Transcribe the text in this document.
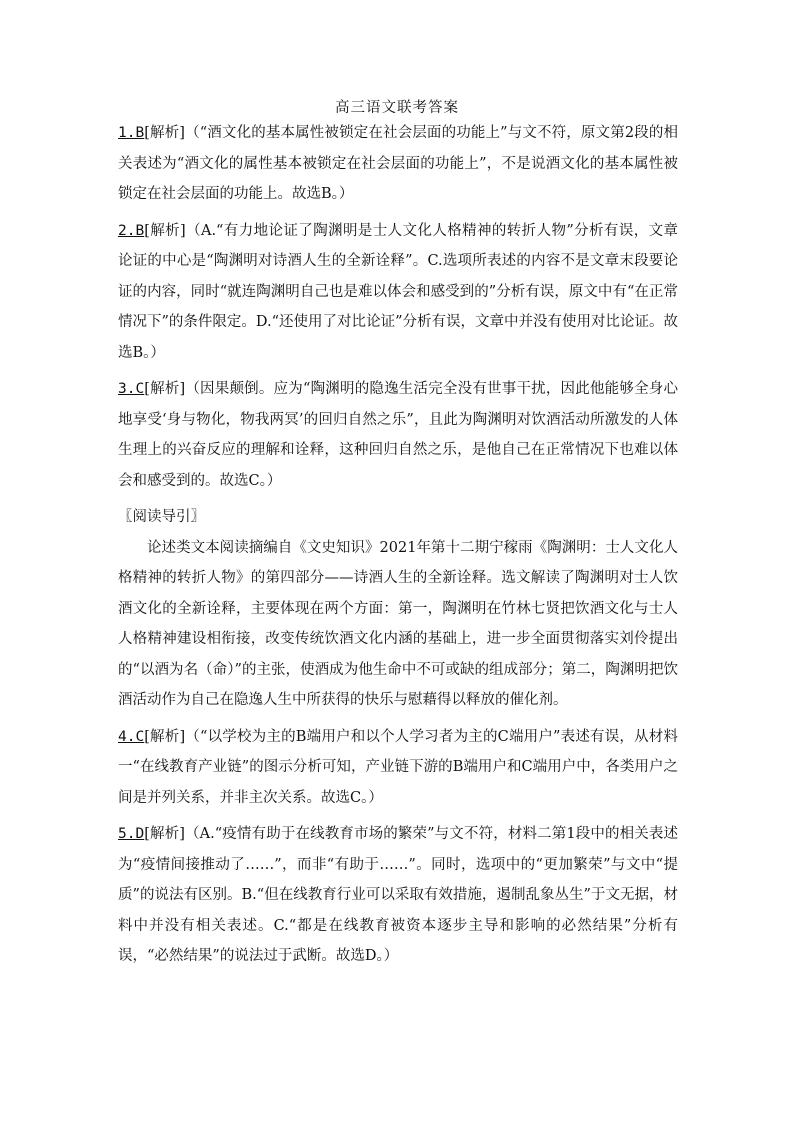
高三语文联考答案

1.B[解析]（“酒文化的基本属性被锁定在社会层面的功能上”与文不符，原文第2段的相关表述为“酒文化的属性基本被锁定在社会层面的功能上”，不是说酒文化的基本属性被锁定在社会层面的功能上。故选B。）

2.B[解析]（A.“有力地论证了陶渊明是士人文化人格精神的转折人物”分析有误，文章论证的中心是“陶渊明对诗酒人生的全新诠释”。C.选项所表述的内容不是文章末段要论证的内容，同时“就连陶渊明自己也是难以体会和感受到的”分析有误，原文中有“在正常情况下”的条件限定。D.“还使用了对比论证”分析有误，文章中并没有使用对比论证。故选B。）

3.C[解析]（因果颠倒。应为“陶渊明的隐逸生活完全没有世事干扰，因此他能够全身心地享受‘身与物化，物我两冥’的回归自然之乐”，且此为陶渊明对饮酒活动所激发的人体生理上的兴奋反应的理解和诠释，这种回归自然之乐，是他自己在正常情况下也难以体会和感受到的。故选C。）

〖阅读导引〗

论述类文本阅读摘编自《文史知识》2021年第十二期宁稼雨《陶渊明：士人文化人格精神的转折人物》的第四部分——诗酒人生的全新诠释。选文解读了陶渊明对士人饮酒文化的全新诠释，主要体现在两个方面：第一，陶渊明在竹林七贤把饮酒文化与士人人格精神建设相衔接，改变传统饮酒文化内涵的基础上，进一步全面贯彻落实刘伶提出的“以酒为名（命）”的主张，使酒成为他生命中不可或缺的组成部分；第二，陶渊明把饮酒活动作为自己在隐逸人生中所获得的快乐与慰藉得以释放的催化剂。

4.C[解析]（“以学校为主的B端用户和以个人学习者为主的C端用户”表述有误，从材料一“在线教育产业链”的图示分析可知，产业链下游的B端用户和C端用户中，各类用户之间是并列关系，并非主次关系。故选C。）

5.D[解析]（A.“疫情有助于在线教育市场的繁荣”与文不符，材料二第1段中的相关表述为“疫情间接推动了……”，而非“有助于……”。同时，选项中的“更加繁荣”与文中“提质”的说法有区别。B.“但在线教育行业可以采取有效措施，遏制乱象丛生”于文无据，材料中并没有相关表述。C.“都是在线教育被资本逐步主导和影响的必然结果”分析有误，“必然结果”的说法过于武断。故选D。）
